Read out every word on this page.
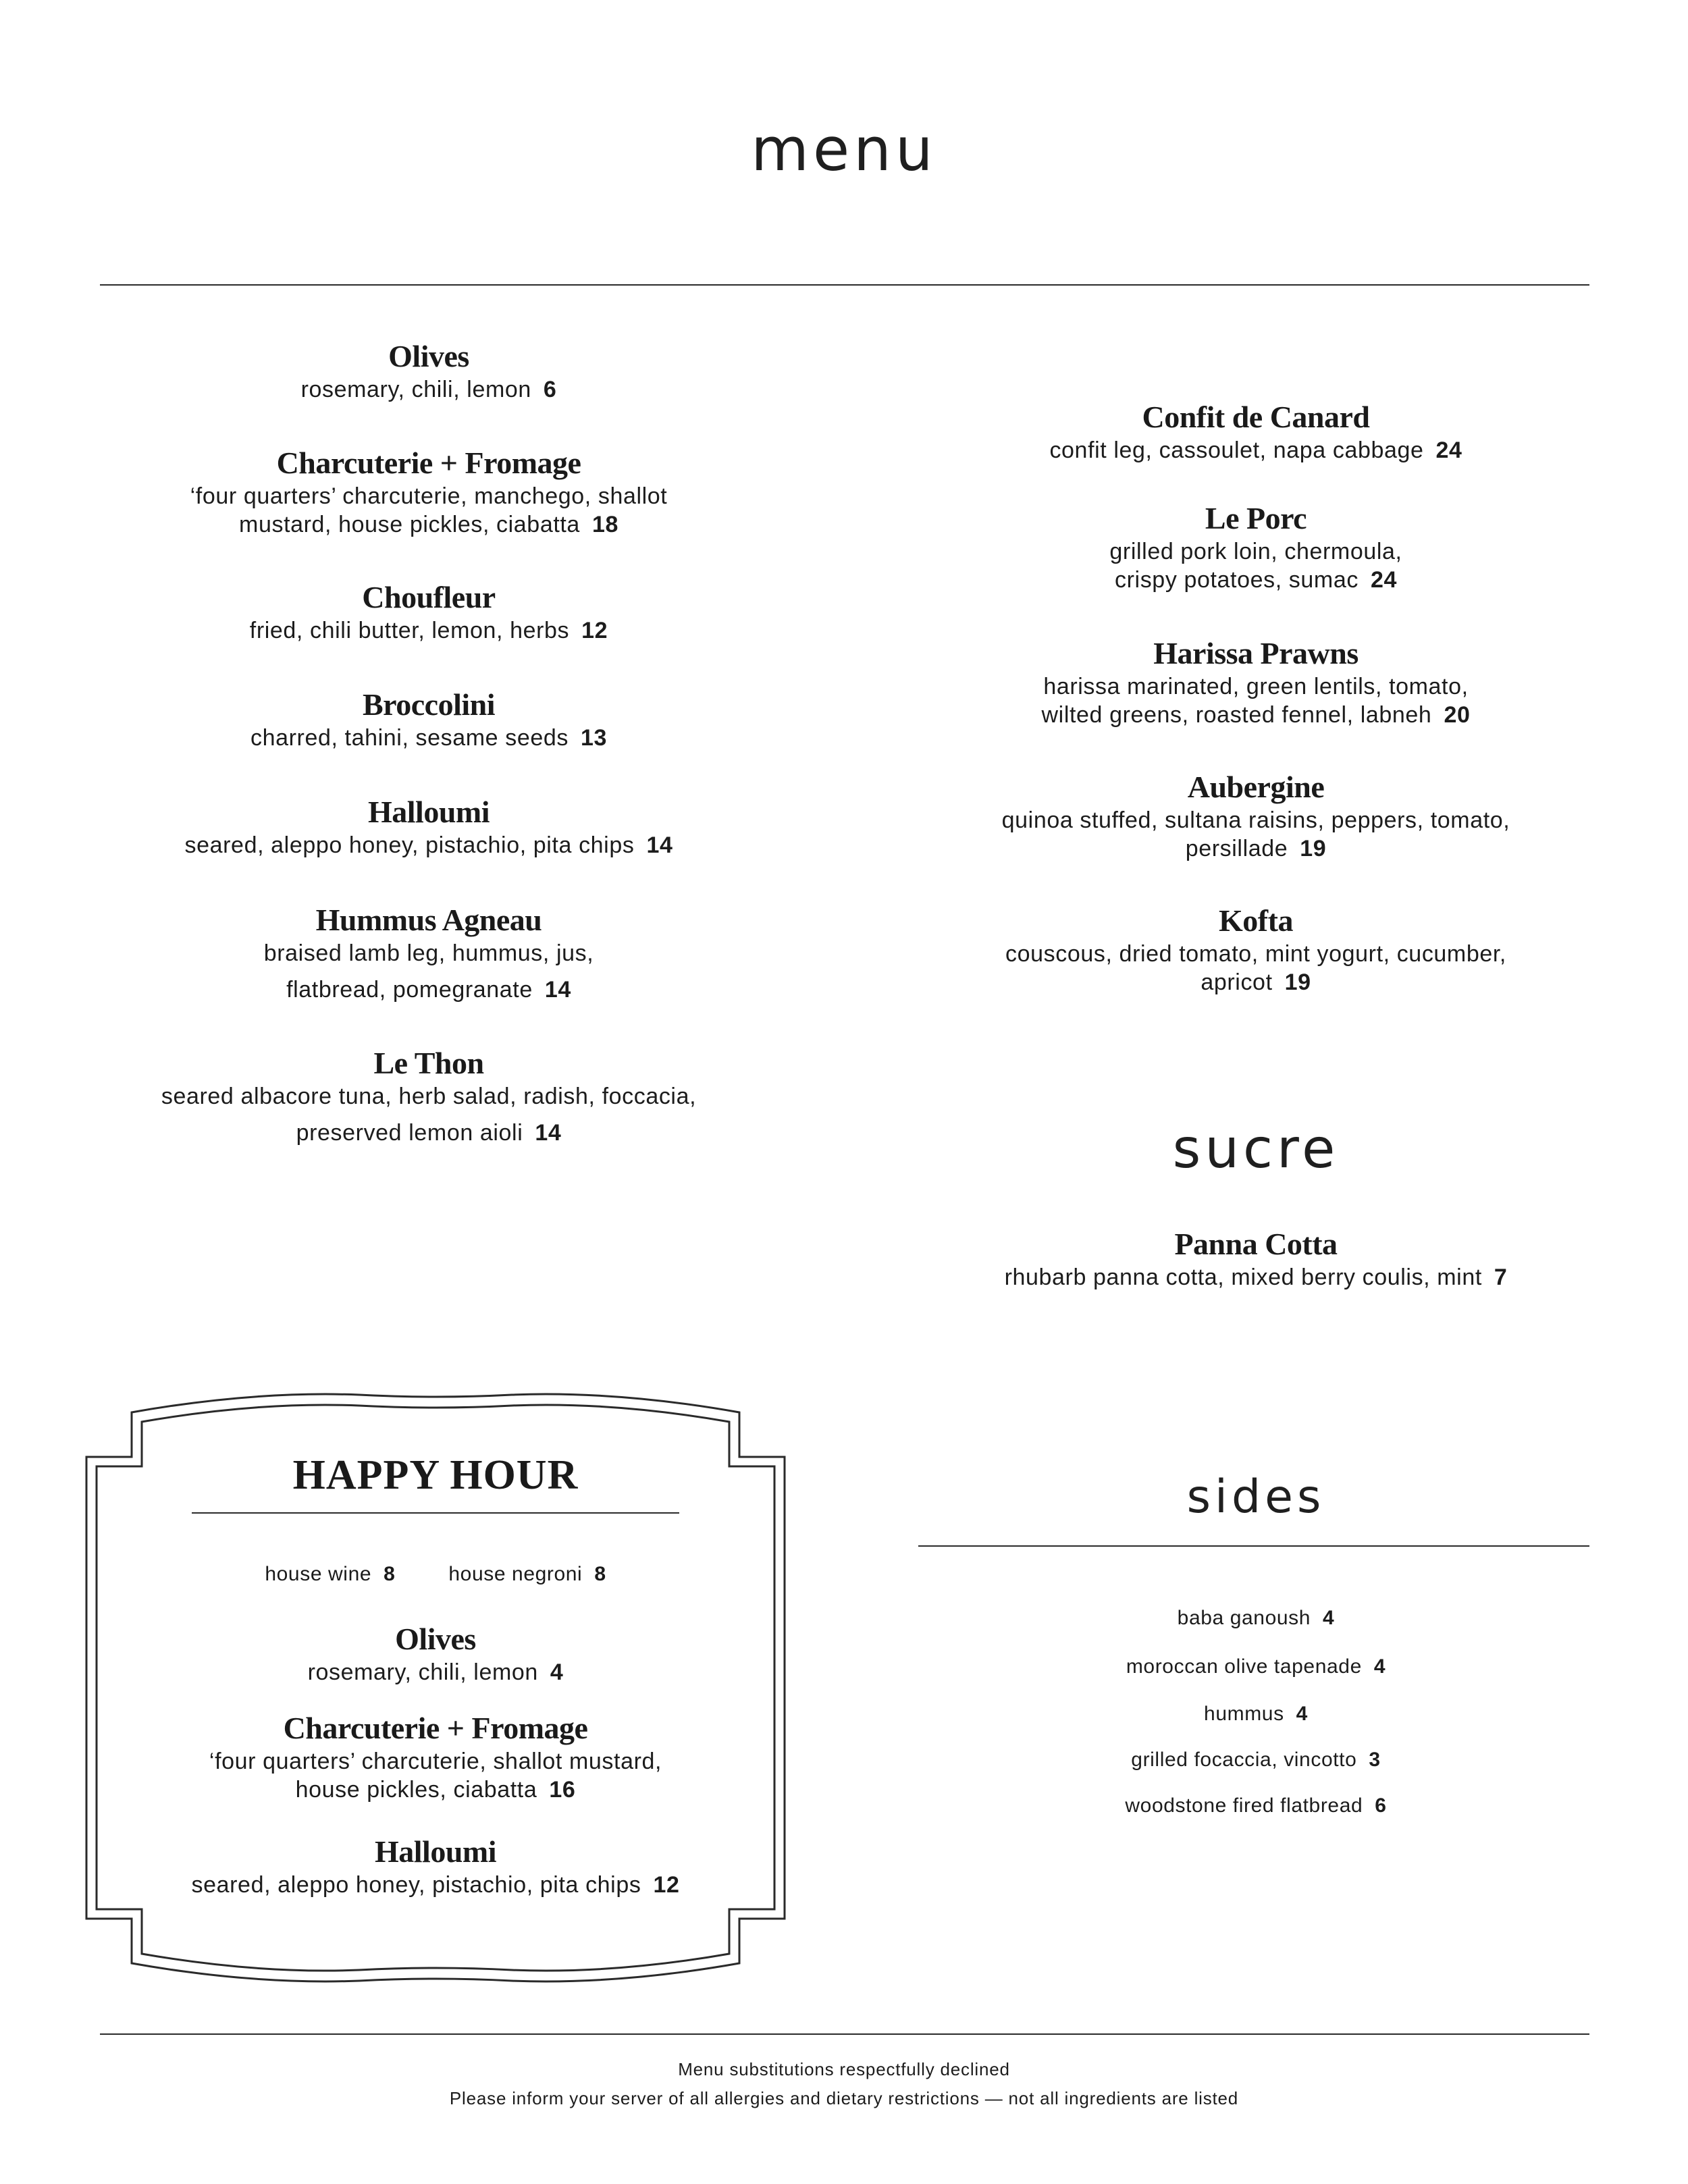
menu
Olives
rosemary, chili, lemon 6
Charcuterie + Fromage
‘four quarters’ charcuterie, manchego, shallot
mustard, house pickles, ciabatta 18
Choufleur
fried, chili butter, lemon, herbs 12
Broccolini
charred, tahini, sesame seeds 13
Halloumi
seared, aleppo honey, pistachio, pita chips 14
Hummus Agneau
braised lamb leg, hummus, jus,
flatbread, pomegranate 14
Le Thon
seared albacore tuna, herb salad, radish, foccacia,
preserved lemon aioli 14
Confit de Canard
confit leg, cassoulet, napa cabbage 24
Le Porc
grilled pork loin, chermoula,
crispy potatoes, sumac 24
Harissa Prawns
harissa marinated, green lentils, tomato,
wilted greens, roasted fennel, labneh 20
Aubergine
quinoa stuffed, sultana raisins, peppers, tomato,
persillade 19
Kofta
couscous, dried tomato, mint yogurt, cucumber,
apricot 19
sucre
Panna Cotta
rhubarb panna cotta, mixed berry coulis, mint 7
sides
baba ganoush 4
moroccan olive tapenade 4
hummus 4
grilled focaccia, vincotto 3
woodstone fired flatbread 6
HAPPY HOUR
house wine 8	house negroni 8
Olives
rosemary, chili, lemon 4
Charcuterie + Fromage
‘four quarters’ charcuterie, shallot mustard,
house pickles, ciabatta 16
Halloumi
seared, aleppo honey, pistachio, pita chips 12
Menu substitutions respectfully declined
Please inform your server of all allergies and dietary restrictions — not all ingredients are listed
